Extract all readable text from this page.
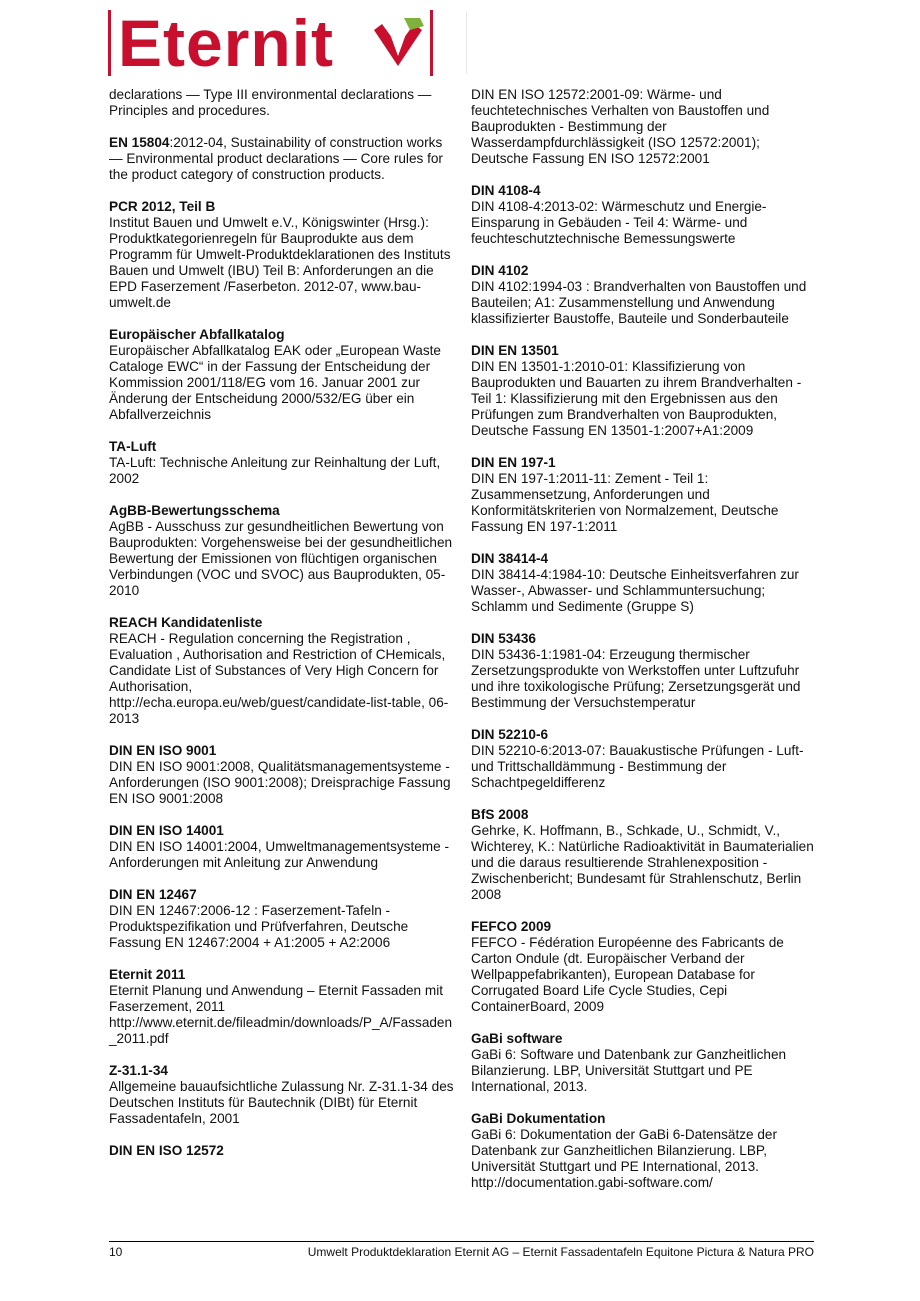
Eternit

declarations — Type III environmental declarations — Principles and procedures.

EN 15804:2012-04, Sustainability of construction works — Environmental product declarations — Core rules for the product category of construction products.

PCR 2012, Teil B

Institut Bauen und Umwelt e.V., Königswinter (Hrsg.): Produktkategorienregeln für Bauprodukte aus dem Programm für Umwelt-Produktdeklarationen des Instituts Bauen und Umwelt (IBU) Teil B: Anforderungen an die EPD Faserzement /Faserbeton. 2012-07, www.bau-umwelt.de

Europäischer Abfallkatalog

Europäischer Abfallkatalog EAK oder „European Waste Cataloge EWC“ in der Fassung der Entscheidung der Kommission 2001/118/EG vom 16. Januar 2001 zur Änderung der Entscheidung 2000/532/EG über ein Abfallverzeichnis

TA-Luft

TA-Luft: Technische Anleitung zur Reinhaltung der Luft, 2002

AgBB-Bewertungsschema

AgBB - Ausschuss zur gesundheitlichen Bewertung von Bauprodukten: Vorgehensweise bei der gesundheitlichen Bewertung der Emissionen von flüchtigen organischen Verbindungen (VOC und SVOC) aus Bauprodukten, 05-2010

REACH Kandidatenliste

REACH - Regulation concerning the Registration , Evaluation , Authorisation and Restriction of CHemicals, Candidate List of Substances of Very High Concern for Authorisation, http://echa.europa.eu/web/guest/candidate-list-table, 06-2013

DIN EN ISO 9001

DIN EN ISO 9001:2008, Qualitätsmanagementsysteme - Anforderungen (ISO 9001:2008); Dreisprachige Fassung EN ISO 9001:2008

DIN EN ISO 14001

DIN EN ISO 14001:2004, Umweltmanagementsysteme - Anforderungen mit Anleitung zur Anwendung

DIN EN 12467

DIN EN 12467:2006-12 : Faserzement-Tafeln - Produktspezifikation und Prüfverfahren, Deutsche Fassung EN 12467:2004 + A1:2005 + A2:2006

Eternit 2011

Eternit Planung und Anwendung – Eternit Fassaden mit Faserzement, 2011

http://www.eternit.de/fileadmin/downloads/P_A/Fassaden_2011.pdf

Z-31.1-34

Allgemeine bauaufsichtliche Zulassung Nr. Z-31.1-34 des Deutschen Instituts für Bautechnik (DIBt) für Eternit Fassadentafeln, 2001

DIN EN ISO 12572

DIN EN ISO 12572:2001-09: Wärme- und feuchtetechnisches Verhalten von Baustoffen und Bauprodukten - Bestimmung der Wasserdampfdurchlässigkeit (ISO 12572:2001); Deutsche Fassung EN ISO 12572:2001

DIN 4108-4

DIN 4108-4:2013-02: Wärmeschutz und Energie-Einsparung in Gebäuden - Teil 4: Wärme- und feuchteschutztechnische Bemessungswerte

DIN 4102

DIN 4102:1994-03 : Brandverhalten von Baustoffen und Bauteilen; A1: Zusammenstellung und Anwendung klassifizierter Baustoffe, Bauteile und Sonderbauteile

DIN EN 13501

DIN EN 13501-1:2010-01: Klassifizierung von Bauprodukten und Bauarten zu ihrem Brandverhalten - Teil 1: Klassifizierung mit den Ergebnissen aus den Prüfungen zum Brandverhalten von Bauprodukten, Deutsche Fassung EN 13501-1:2007+A1:2009

DIN EN 197-1

DIN EN 197-1:2011-11: Zement - Teil 1: Zusammensetzung, Anforderungen und Konformitätskriterien von Normalzement, Deutsche Fassung EN 197-1:2011

DIN 38414-4

DIN 38414-4:1984-10: Deutsche Einheitsverfahren zur Wasser-, Abwasser- und Schlammuntersuchung; Schlamm und Sedimente (Gruppe S)

DIN 53436

DIN 53436-1:1981-04: Erzeugung thermischer Zersetzungsprodukte von Werkstoffen unter Luftzufuhr und ihre toxikologische Prüfung; Zersetzungsgerät und Bestimmung der Versuchstemperatur

DIN 52210-6

DIN 52210-6:2013-07: Bauakustische Prüfungen - Luft- und Trittschalldämmung - Bestimmung der Schachtpegeldifferenz

BfS 2008

Gehrke, K. Hoffmann, B., Schkade, U., Schmidt, V., Wichterey, K.: Natürliche Radioaktivität in Baumaterialien und die daraus resultierende Strahlenexposition - Zwischenbericht; Bundesamt für Strahlenschutz, Berlin 2008

FEFCO 2009

FEFCO - Fédération Européenne des Fabricants de Carton Ondule (dt. Europäischer Verband der Wellpappefabrikanten), European Database for Corrugated Board Life Cycle Studies, Cepi ContainerBoard, 2009

GaBi software

GaBi 6: Software und Datenbank zur Ganzheitlichen Bilanzierung. LBP, Universität Stuttgart und PE International, 2013.

GaBi Dokumentation

GaBi 6: Dokumentation der GaBi 6-Datensätze der Datenbank zur Ganzheitlichen Bilanzierung. LBP, Universität Stuttgart und PE International, 2013. http://documentation.gabi-software.com/

10	Umwelt Produktdeklaration Eternit AG – Eternit Fassadentafeln Equitone Pictura & Natura PRO
